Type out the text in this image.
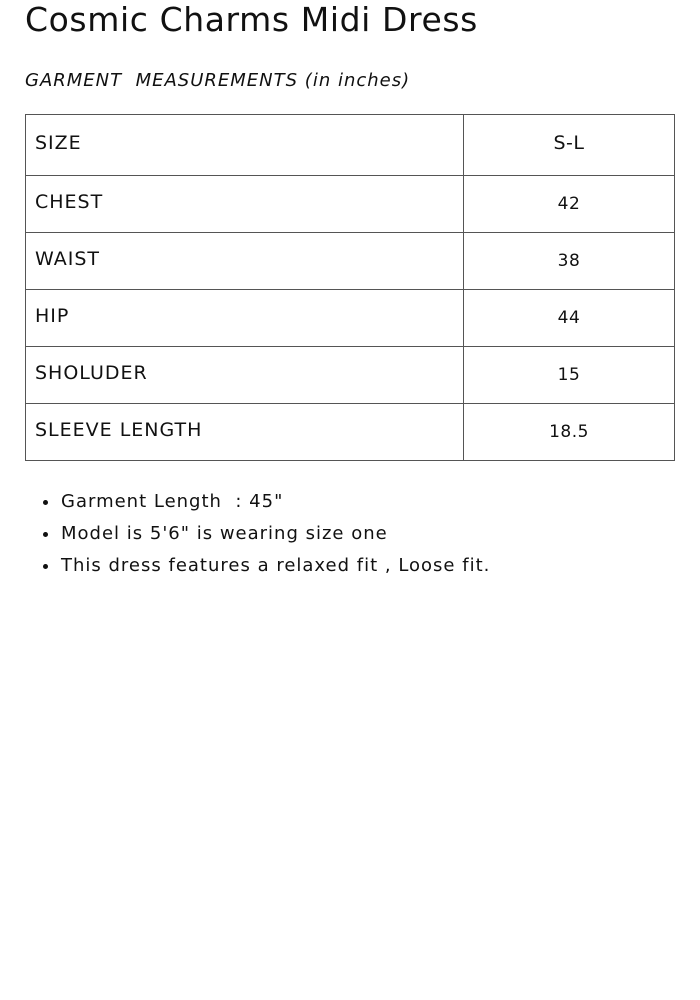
Cosmic Charms Midi Dress
GARMENT  MEASUREMENTS (in inches)
SIZE	S-L
CHEST	42
WAIST	38
HIP	44
SHOLUDER	15
SLEEVE LENGTH	18.5
Garment Length  : 45"
Model is 5'6" is wearing size one
This dress features a relaxed fit , Loose fit.
